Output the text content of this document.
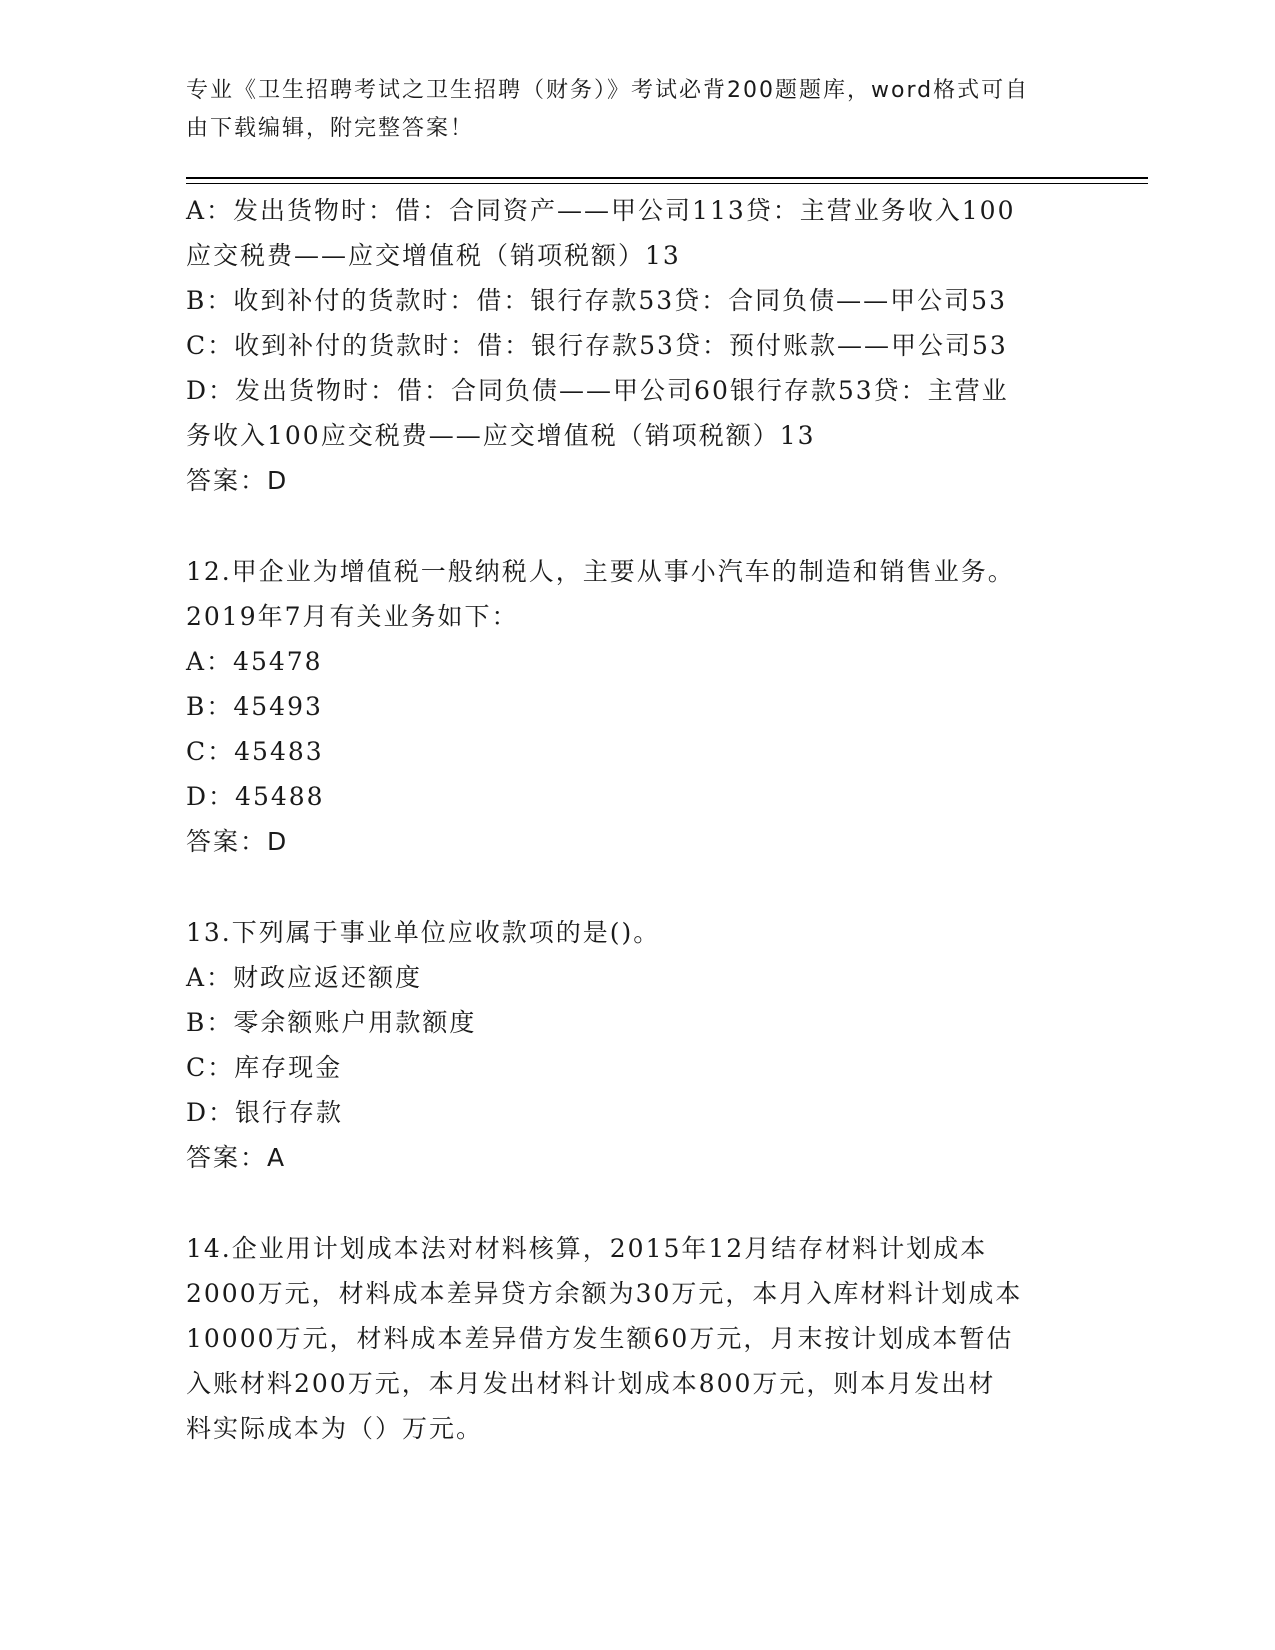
专业《卫生招聘考试之卫生招聘（财务）》考试必背200题题库，word格式可自
由下载编辑，附完整答案！
A：发出货物时：借：合同资产——甲公司113贷：主营业务收入100
应交税费——应交增值税（销项税额）13
B：收到补付的货款时：借：银行存款53贷：合同负债——甲公司53
C：收到补付的货款时：借：银行存款53贷：预付账款——甲公司53
D：发出货物时：借：合同负债——甲公司60银行存款53贷：主营业
务收入100应交税费——应交增值税（销项税额）13
答案：D
12.甲企业为增值税一般纳税人，主要从事小汽车的制造和销售业务。
2019年7月有关业务如下：
A：45478
B：45493
C：45483
D：45488
答案：D
13.下列属于事业单位应收款项的是()。
A：财政应返还额度
B：零余额账户用款额度
C：库存现金
D：银行存款
答案：A
14.企业用计划成本法对材料核算，2015年12月结存材料计划成本
2000万元，材料成本差异贷方余额为30万元，本月入库材料计划成本
10000万元，材料成本差异借方发生额60万元，月末按计划成本暂估
入账材料200万元，本月发出材料计划成本800万元，则本月发出材
料实际成本为（）万元。
